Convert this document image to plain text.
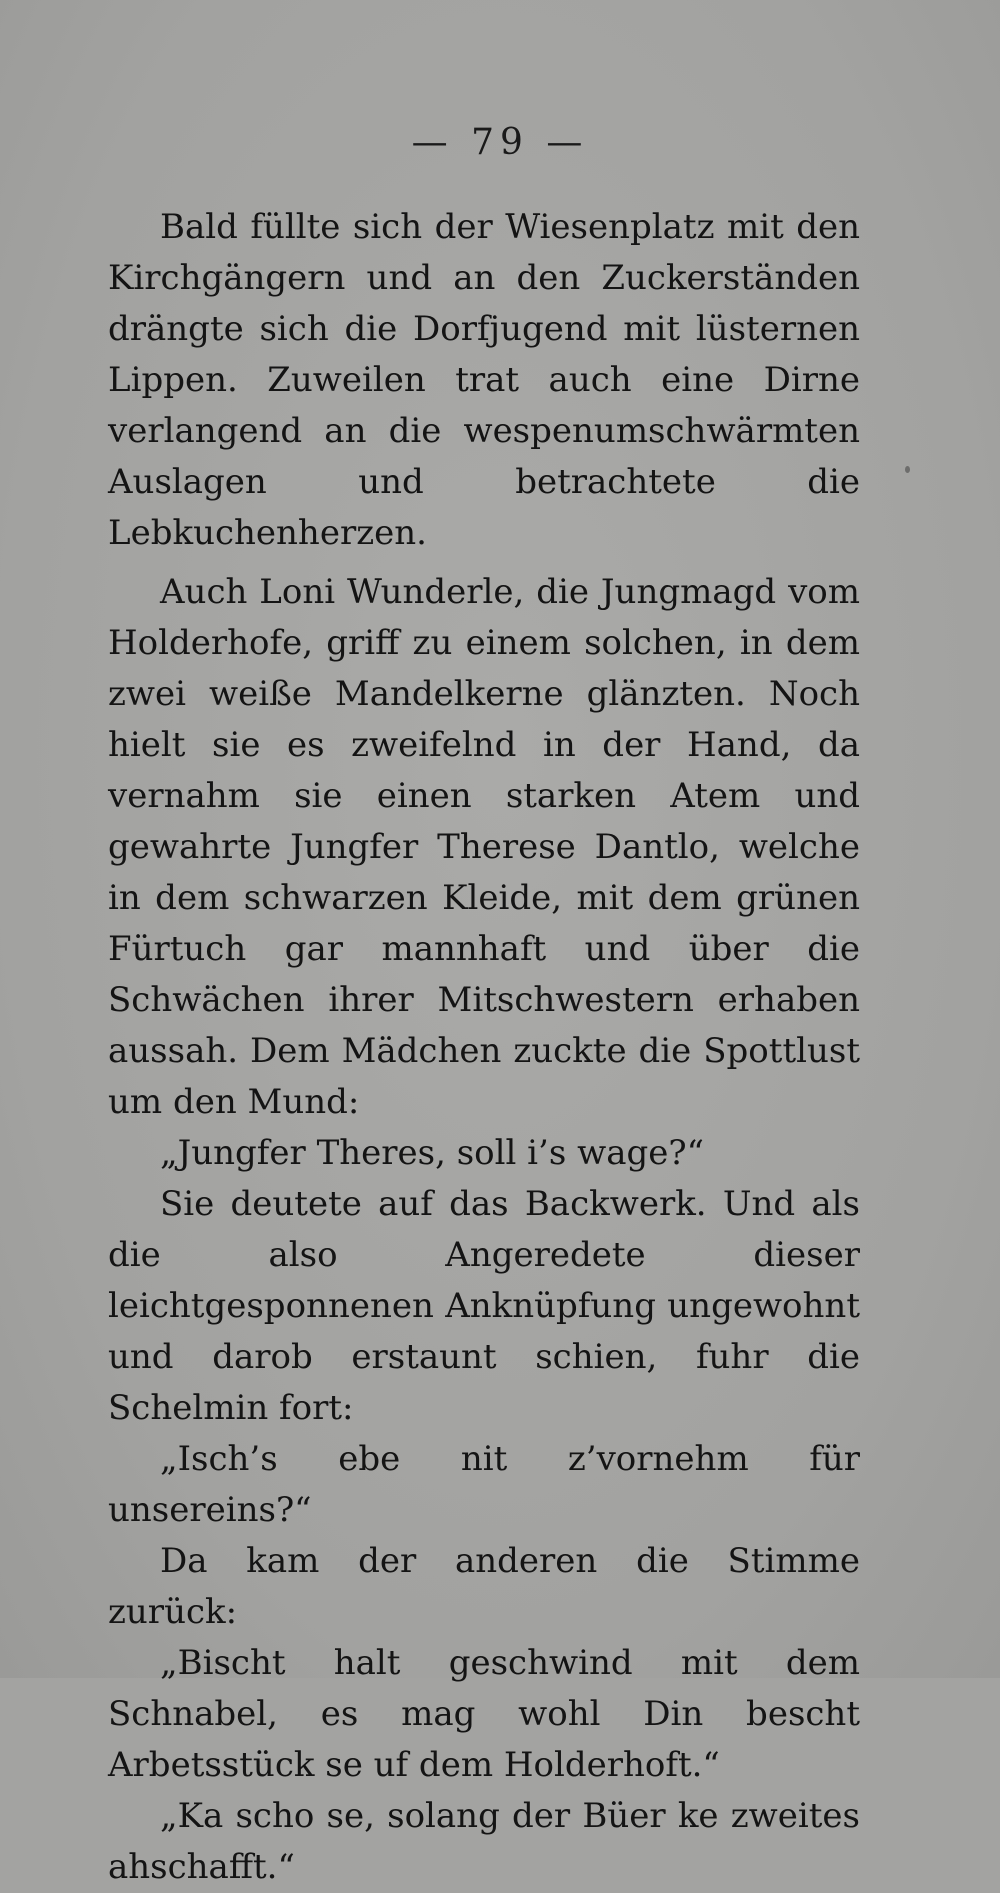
— 79 —

Bald füllte sich der Wiesenplatz mit den Kirchgängern und an den Zuckerständen drängte sich die Dorfjugend mit lüsternen Lippen. Zuweilen trat auch eine Dirne verlangend an die wespenumschwärmten Auslagen und betrachtete die Lebkuchenherzen.

Auch Loni Wunderle, die Jungmagd vom Holderhofe, griff zu einem solchen, in dem zwei weiße Mandelkerne glänzten. Noch hielt sie es zweifelnd in der Hand, da vernahm sie einen starken Atem und gewahrte Jungfer Therese Dantlo, welche in dem schwarzen Kleide, mit dem grünen Fürtuch gar mannhaft und über die Schwächen ihrer Mitschwestern erhaben aussah. Dem Mädchen zuckte die Spottlust um den Mund:

„Jungfer Theres, soll i’s wage?“

Sie deutete auf das Backwerk. Und als die also Angeredete dieser leichtgesponnenen Anknüpfung ungewohnt und darob erstaunt schien, fuhr die Schelmin fort:

„Isch’s ebe nit z’vornehm für unsereins?“

Da kam der anderen die Stimme zurück:

„Bischt halt geschwind mit dem Schnabel, es mag wohl Din bescht Arbetsstück se uf dem Holderhoft.“

„Ka scho se, solang der Büer ke zweites ahschafft.“
